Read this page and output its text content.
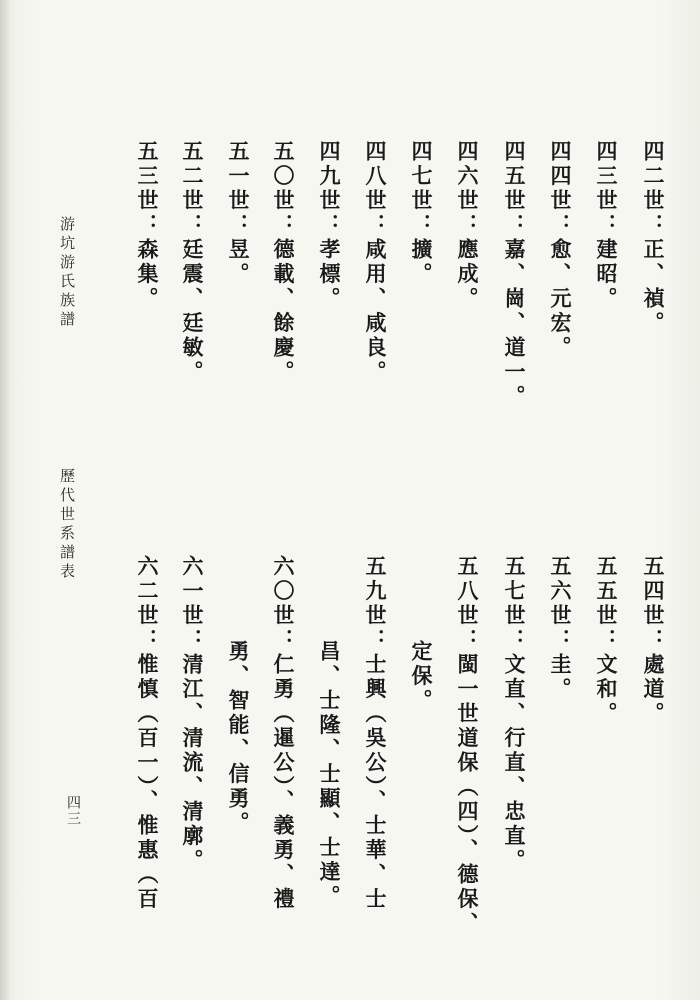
四二世：正、禎。
四三世：建昭。
四四世：愈、元宏。
四五世：嘉、崗、道一。
四六世：應成。
四七世：擴。
四八世：咸用、咸良。
四九世：孝標。
五〇世：德載、餘慶。
五一世：昱。
五二世：廷震、廷敏。
五三世：森集。
五四世：處道。
五五世：文和。
五六世：圭。
五七世：文直、行直、忠直。
五八世：閩一世道保（四）、德保、
定保。
五九世：士興（吳公）、士華、士
昌、士隆、士顯、士達。
六〇世：仁勇（暹公）、義勇、禮
勇、智能、信勇。
六一世：清江、清流、清廓。
六二世：惟慎（百一）、惟惠（百
游坑游氏族譜
歷代世系譜表
四三
